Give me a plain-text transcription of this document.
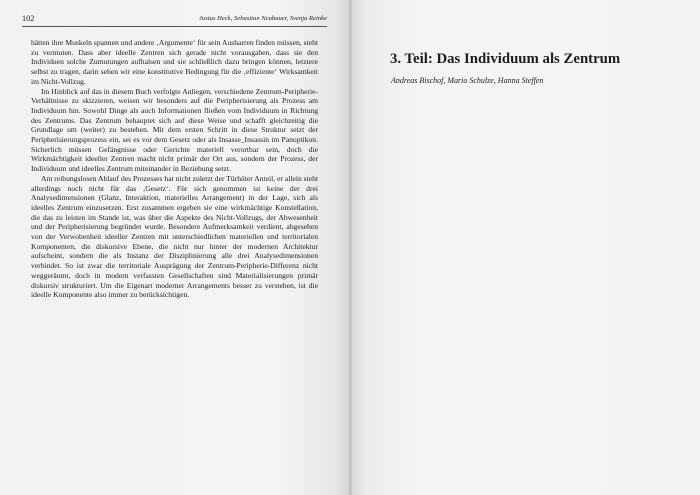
102	Justus Heck, Sebastian Neubauer, Svenja Reinke

hätten ihre Muskeln spannen und andere ‚Argumente‘ für sein Ausharren finden müssen, steht zu vermuten. Dass aber ideelle Zentren sich gerade nicht vorausgaben, dass sie den Individuen solche Zumutungen aufhalsen und sie schließlich dazu bringen können, letztere selbst zu tragen, darin sehen wir eine konstitutive Bedingung für die ‚effizienteʻ Wirksamkeit im Nicht-Vollzug.

Im Hinblick auf das in diesem Buch verfolgte Anliegen, verschiedene Zentrum-Peripherie-Verhältnisse zu skizzieren, weisen wir besonders auf die Peripherisierung als Prozess am Individuum hin. Sowohl Dinge als auch Informationen fließen vom Individuum in Richtung des Zentrums. Das Zentrum behauptet sich auf diese Weise und schafft gleichzeitig die Grundlage um (weiter) zu bestehen. Mit dem ersten Schritt in diese Struktur setzt der Peripherisierungsprozess ein, sei es vor dem Gesetz oder als Insasse_Insassin im Panoptikon. Sicherlich müssen Gefängnisse oder Gerichte materiell verortbar sein, doch die Wirkmächtigkeit ideeller Zentren macht nicht primär der Ort aus, sondern der Prozess, der Individuum und ideelles Zentrum miteinander in Beziehung setzt.

Am reibungslosen Ablauf des Prozesses hat nicht zuletzt der Türhüter Anteil, er allein steht allerdings noch nicht für das ‚Gesetz‘. Für sich genommen ist keine der drei Analysedimensionen (Glanz, Interaktion, materielles Arrangement) in der Lage, sich als ideelles Zentrum einzusetzen. Erst zusammen ergeben sie eine wirkmächtige Konstellation, die das zu leisten im Stande ist, was über die Aspekte des Nicht-Vollzugs, der Abwesenheit und der Peripherisierung begründet wurde. Besondere Aufmerksamkeit verdient, abgesehen von der Verwobenheit ideeller Zentren mit unterschiedlichen materiellen und territorialen Komponenten, die diskursive Ebene, die nicht nur hinter der modernen Architektur aufscheint, sondern die als Instanz der Disziplinierung alle drei Analysedimensionen verbindet. So ist zwar die territoriale Ausprägung der Zentrum-Peripherie-Differenz nicht weggeräumt, doch in modern verfassten Gesellschaften sind Materialisierungen primär diskursiv strukturiert. Um die Eigenart moderner Arrangements besser zu verstehen, ist die ideelle Komponente also immer zu berücksichtigen.

3. Teil: Das Individuum als Zentrum
Andreas Bischof, Mario Schulze, Hanna Steffen
